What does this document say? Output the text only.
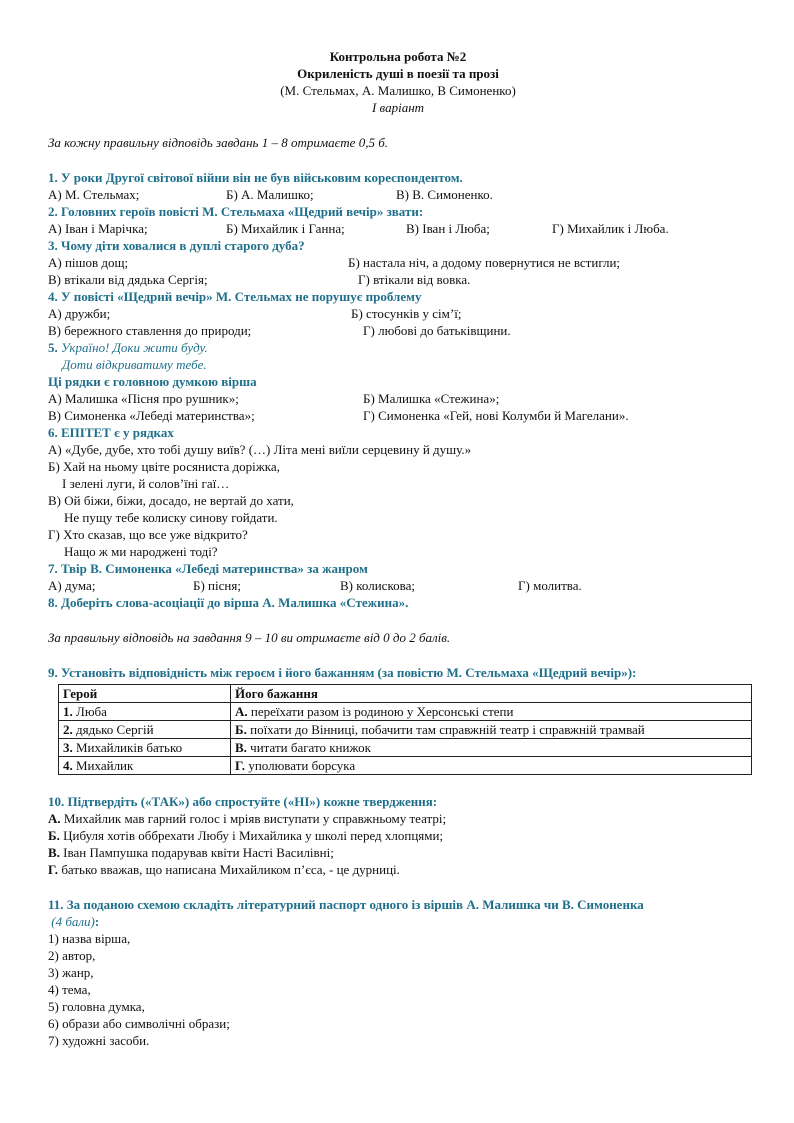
Контрольна робота №2
Окриленість душі в поезії та прозі
(М. Стельмах, А. Малишко, В Симоненко)
І варіант
За кожну правильну відповідь завдань 1 – 8 отримаєте 0,5 б.
1. У роки Другої світової війни він не був військовим кореспондентом.
А) М. Стельмах;	Б) А. Малишко;	В) В. Симоненко.
2. Головних героїв повісті М. Стельмаха «Щедрий вечір» звати:
А) Іван і Марічка;	Б) Михайлик і Ганна;	В) Іван і Люба;	Г) Михайлик і Люба.
3. Чому діти ховалися в дуплі старого дуба?
А) пішов дощ;	Б) настала ніч, а додому повернутися не встигли;
В) втікали від дядька Сергія;	Г) втікали від вовка.
4. У повісті «Щедрий вечір» М. Стельмах не порушує проблему
А) дружби;	Б) стосунків у сім’ї;
В) бережного ставлення до природи;	Г) любові до батьківщини.
5. Україно! Доки жити буду.
Доти відкриватиму тебе.
Ці рядки є головною думкою вірша
А) Малишка «Пісня про рушник»;	Б) Малишка «Стежина»;
В) Симоненка «Лебеді материнства»;	Г) Симоненка «Гей, нові Колумби й Магелани».
6. ЕПІТЕТ є у рядках
А) «Дубе, дубе, хто тобі душу виїв? (…) Літа мені виїли серцевину й душу.»
Б) Хай на ньому цвіте росяниста доріжка,
І зелені луги, й солов’їні гаї…
В) Ой біжи, біжи, досадо, не вертай до хати,
Не пущу тебе колиску синову гойдати.
Г) Хто сказав, що все уже відкрито?
Нащо ж ми народжені тоді?
7. Твір В. Симоненка «Лебеді материнства» за жанром
А) дума;	Б) пісня;	В) колискова;	Г) молитва.
8. Доберіть слова-асоціації до вірша А. Малишка «Стежина».
За правильну відповідь на завдання 9 – 10 ви отримаєте від 0 до 2 балів.
9. Установіть відповідність між героєм і його бажанням (за повістю М. Стельмаха «Щедрий вечір»):
Герой	Його бажання
1. Люба	А. переїхати разом із родиною у Херсонські степи
2. дядько Сергій	Б. поїхати до Вінниці, побачити там справжній театр і справжній трамвай
3. Михайликів батько	В. читати багато книжок
4. Михайлик	Г. уполювати борсука
10. Підтвердіть («ТАК») або спростуйте («НІ») кожне твердження:
А. Михайлик мав гарний голос і мріяв виступати у справжньому театрі;
Б. Цибуля хотів оббрехати Любу і Михайлика у школі перед хлопцями;
В. Іван Пампушка подарував квіти Насті Василівні;
Г. батько вважав, що написана Михайликом п’єса, - це дурниці.
11. За поданою схемою складіть літературний паспорт одного із віршів А. Малишка чи В. Симоненка
(4 бали):
1) назва вірша,
2) автор,
3) жанр,
4) тема,
5) головна думка,
6) образи або символічні образи;
7) художні засоби.
